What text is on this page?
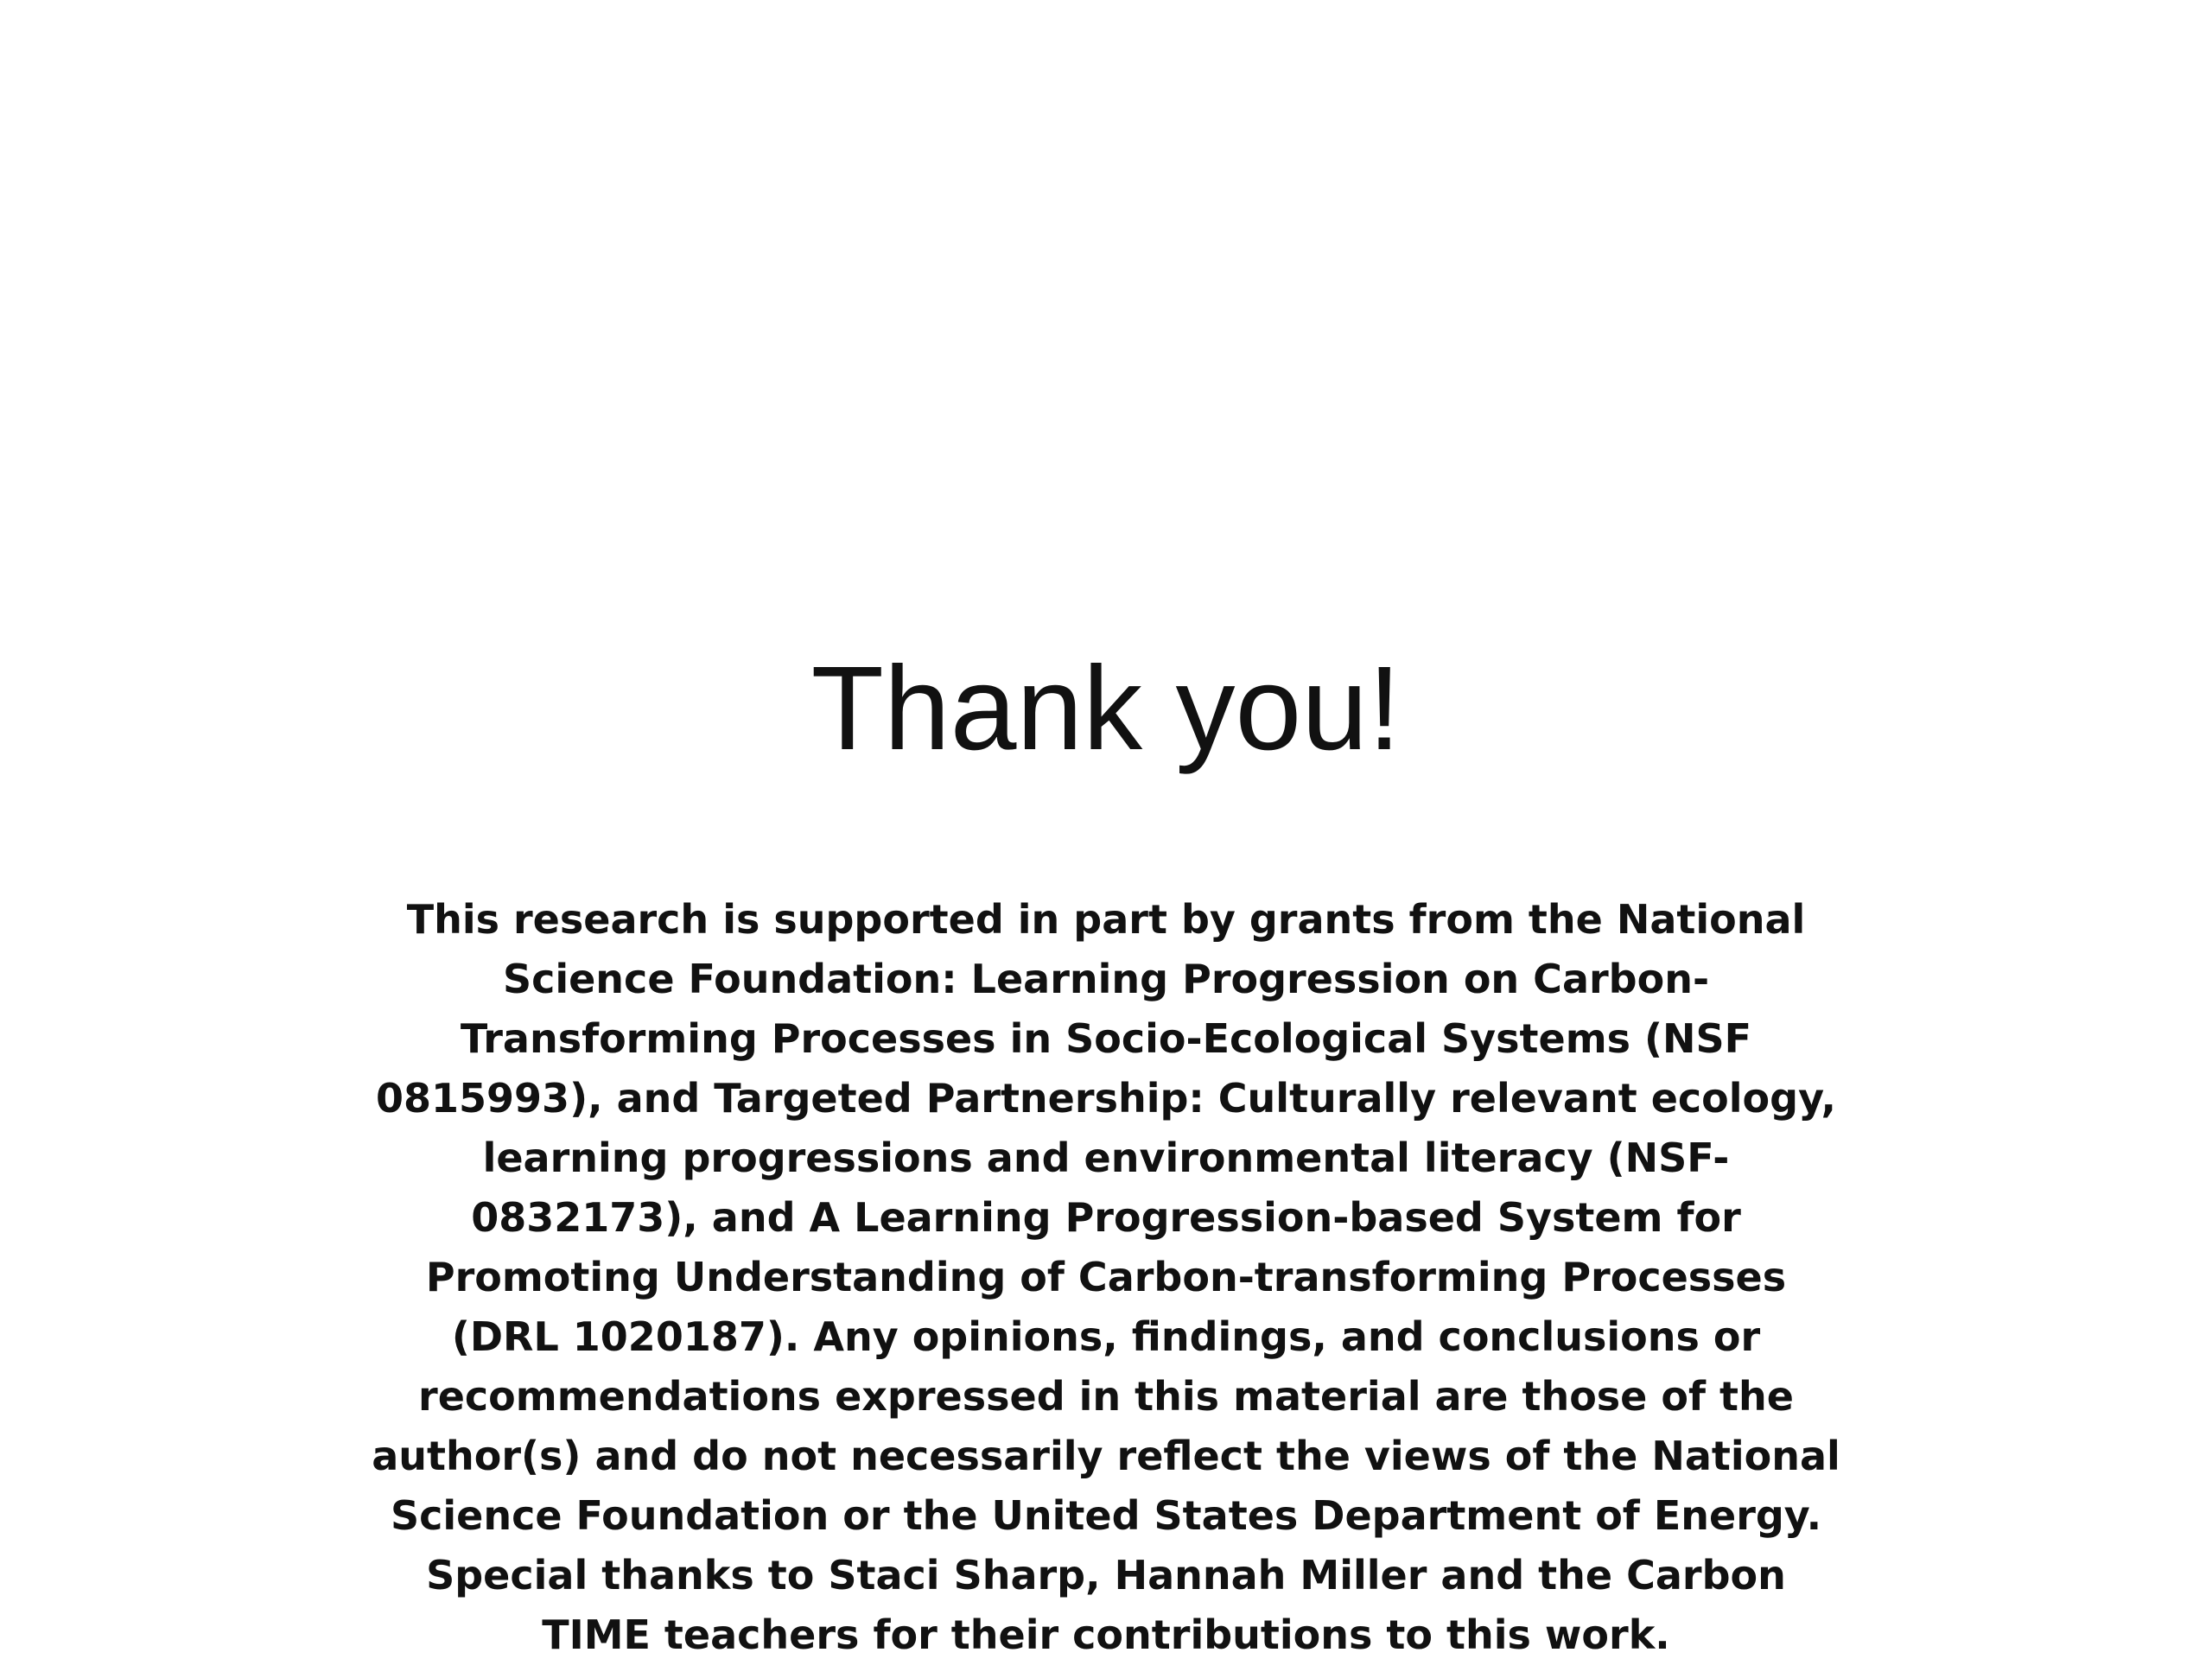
Thank you!

This research is supported in part by grants from the National Science Foundation: Learning Progression on Carbon-Transforming Processes in Socio-Ecological Systems (NSF 0815993), and Targeted Partnership: Culturally relevant ecology, learning progressions and environmental literacy (NSF-0832173), and A Learning Progression-based System for Promoting Understanding of Carbon-transforming Processes (DRL 1020187). Any opinions, findings, and conclusions or recommendations expressed in this material are those of the author(s) and do not necessarily reflect the views of the National Science Foundation or the United States Department of Energy. Special thanks to Staci Sharp, Hannah Miller and the Carbon TIME teachers for their contributions to this work.
